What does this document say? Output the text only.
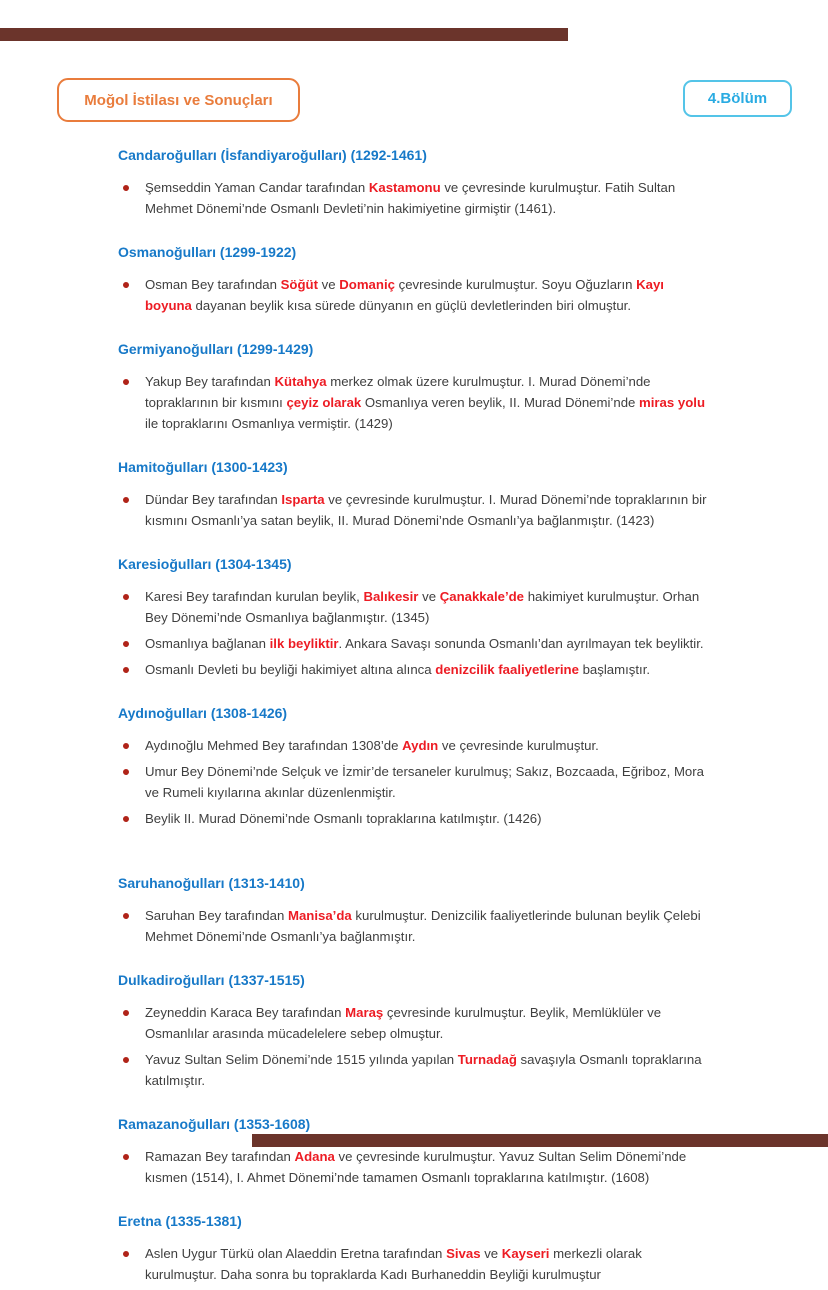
Moğol İstilası ve Sonuçları	4.Bölüm
Candaroğulları (İsfandiyaroğulları) (1292-1461)
Şemseddin Yaman Candar tarafından Kastamonu ve çevresinde kurulmuştur. Fatih Sultan Mehmet Dönemi’nde Osmanlı Devleti’nin hakimiyetine girmiştir (1461).
Osmanoğulları (1299-1922)
Osman Bey tarafından Söğüt ve Domaniç çevresinde kurulmuştur. Soyu Oğuzların Kayı boyuna dayanan beylik kısa sürede dünyanın en güçlü devletlerinden biri olmuştur.
Germiyanoğulları (1299-1429)
Yakup Bey tarafından Kütahya merkez olmak üzere kurulmuştur. I. Murad Dönemi’nde topraklarının bir kısmını çeyiz olarak Osmanlıya veren beylik, II. Murad Dönemi’nde miras yolu ile topraklarını Osmanlıya vermiştir. (1429)
Hamitoğulları (1300-1423)
Dündar Bey tarafından Isparta ve çevresinde kurulmuştur. I. Murad Dönemi’nde topraklarının bir kısmını Osmanlı’ya satan beylik, II. Murad Dönemi’nde Osmanlı’ya bağlanmıştır. (1423)
Karesioğulları (1304-1345)
Karesi Bey tarafından kurulan beylik, Balıkesir ve Çanakkale’de hakimiyet kurulmuştur. Orhan Bey Dönemi’nde Osmanlıya bağlanmıştır. (1345)
Osmanlıya bağlanan ilk beyliktir. Ankara Savaşı sonunda Osmanlı’dan ayrılmayan tek beyliktir.
Osmanlı Devleti bu beyliği hakimiyet altına alınca denizcilik faaliyetlerine başlamıştır.
Aydınoğulları (1308-1426)
Aydınoğlu Mehmed Bey tarafından 1308’de Aydın ve çevresinde kurulmuştur.
Umur Bey Dönemi’nde Selçuk ve İzmir’de tersaneler kurulmuş; Sakız, Bozcaada, Eğriboz, Mora ve Rumeli kıyılarına akınlar düzenlenmiştir.
Beylik II. Murad Dönemi’nde Osmanlı topraklarına katılmıştır. (1426)
Saruhanoğulları (1313-1410)
Saruhan Bey tarafından Manisa’da kurulmuştur. Denizcilik faaliyetlerinde bulunan beylik Çelebi Mehmet Dönemi’nde Osmanlı’ya bağlanmıştır.
Dulkadiroğulları (1337-1515)
Zeyneddin Karaca Bey tarafından Maraş çevresinde kurulmuştur. Beylik, Memlüklüler ve Osmanlılar arasında mücadelelere sebep olmuştur.
Yavuz Sultan Selim Dönemi’nde 1515 yılında yapılan Turnadağ savaşıyla Osmanlı topraklarına katılmıştır.
Ramazanoğulları (1353-1608)
Ramazan Bey tarafından Adana ve çevresinde kurulmuştur. Yavuz Sultan Selim Dönemi’nde kısmen (1514), I. Ahmet Dönemi’nde tamamen Osmanlı topraklarına katılmıştır. (1608)
Eretna (1335-1381)
Aslen Uygur Türkü olan Alaeddin Eretna tarafından Sivas ve Kayseri merkezli olarak kurulmuştur. Daha sonra bu topraklarda Kadı Burhaneddin Beyliği kurulmuştur
